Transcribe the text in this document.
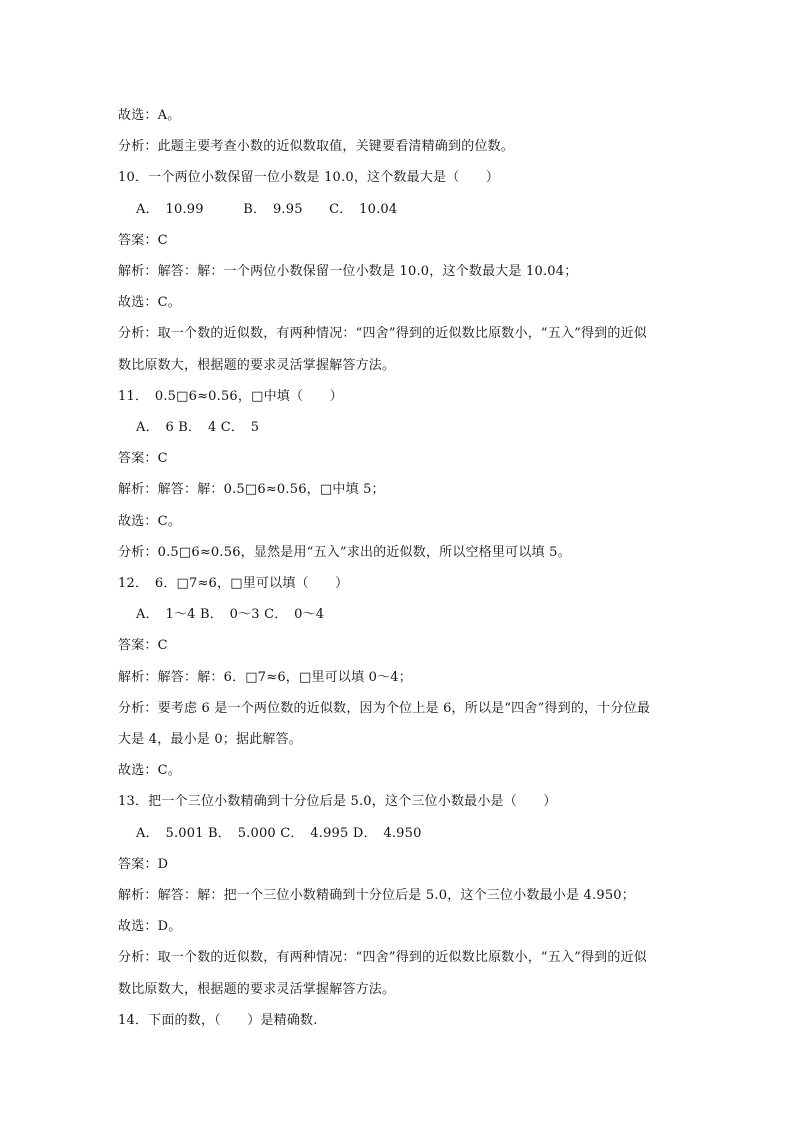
故选：A。
分析：此题主要考查小数的近似数取值，关键要看清精确到的位数。
10．一个两位小数保留一位小数是 10.0，这个数最大是（　　）
A．　10.99　　　B．　9.95　　C．　10.04
答案：C
解析：解答：解：一个两位小数保留一位小数是 10.0，这个数最大是 10.04；
故选：C。
分析：取一个数的近似数，有两种情况：“四舍”得到的近似数比原数小，“五入”得到的近似
数比原数大，根据题的要求灵活掌握解答方法。
11．　0.5□6≈0.56，□中填（　　）
A．　6 B．　4 C．　5
答案：C
解析：解答：解：0.5□6≈0.56，□中填 5；
故选：C。
分析：0.5□6≈0.56，显然是用“五入”求出的近似数，所以空格里可以填 5。
12．　6．□7≈6，□里可以填（　　）
A．　1～4 B．　0～3 C．　0～4
答案：C
解析：解答：解：6．□7≈6，□里可以填 0～4；
分析：要考虑 6 是一个两位数的近似数，因为个位上是 6，所以是“四舍”得到的，十分位最
大是 4，最小是 0；据此解答。
故选：C。
13．把一个三位小数精确到十分位后是 5.0，这个三位小数最小是（　　）
A．　5.001 B．　5.000 C．　4.995 D．　4.950
答案：D
解析：解答：解：把一个三位小数精确到十分位后是 5.0，这个三位小数最小是 4.950；
故选：D。
分析：取一个数的近似数，有两种情况：“四舍”得到的近似数比原数小，“五入”得到的近似
数比原数大，根据题的要求灵活掌握解答方法。
14．下面的数，（　　）是精确数.
